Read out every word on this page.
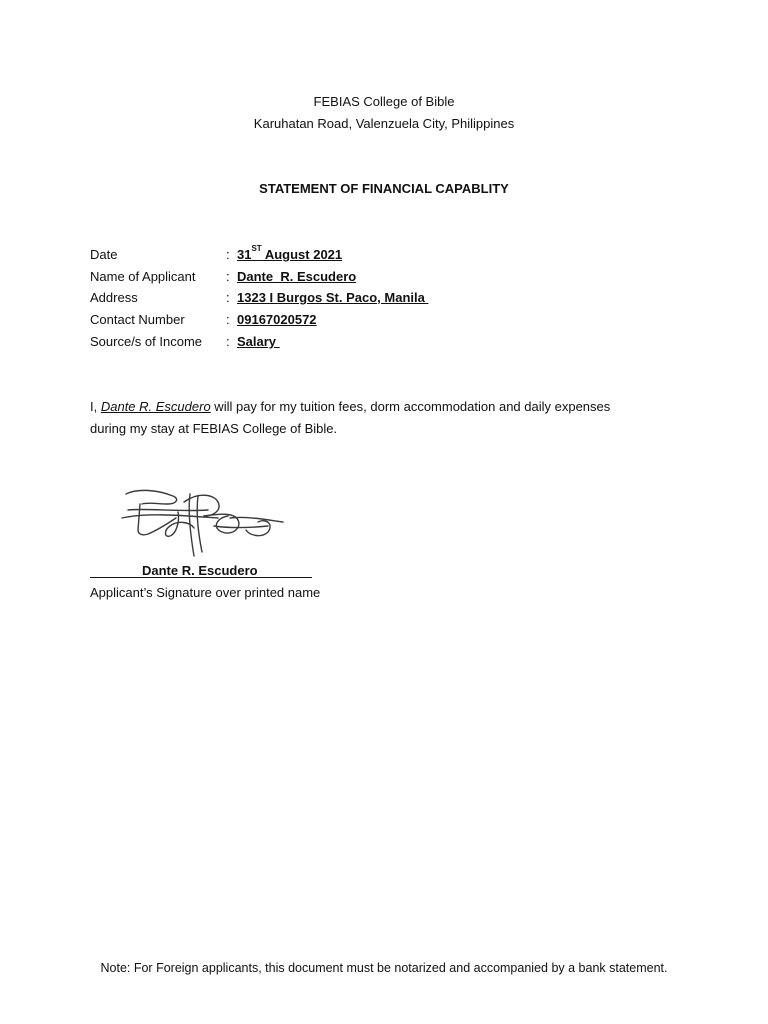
FEBIAS College of Bible
Karuhatan Road, Valenzuela City, Philippines
STATEMENT OF FINANCIAL CAPABLITY
Date	: 31ST August 2021
Name of Applicant : Dante  R. Escudero
Address	: 1323 I Burgos St. Paco, Manila
Contact Number	: 09167020572
Source/s of Income : Salary
I, Dante R. Escudero will pay for my tuition fees, dorm accommodation and daily expenses
during my stay at FEBIAS College of Bible.
Dante R. Escudero
Applicant’s Signature over printed name
Note: For Foreign applicants, this document must be notarized and accompanied by a bank statement.
